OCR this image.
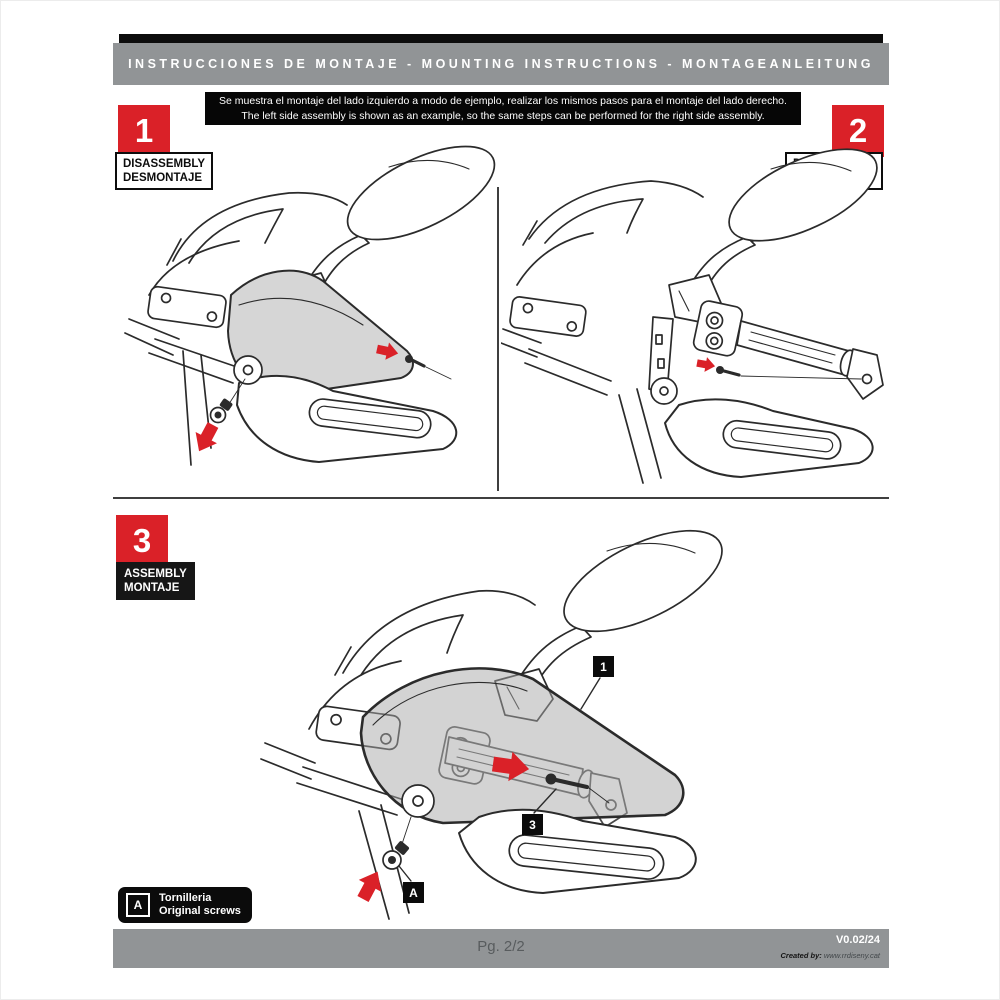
INSTRUCCIONES DE MONTAJE - MOUNTING INSTRUCTIONS - MONTAGEANLEITUNG
Se muestra el montaje del lado izquierdo a modo de ejemplo, realizar los mismos pasos para el montaje del lado derecho.
The left side assembly is shown as an example, so the same steps can be performed for the right side assembly.
1
DISASSEMBLY
DESMONTAJE
2
3
ASSEMBLY
MONTAJE
1
3
A
A	Tornilleria
Original screws
Pg. 2/2	V0.02/24
Created by: www.rrdiseny.cat
